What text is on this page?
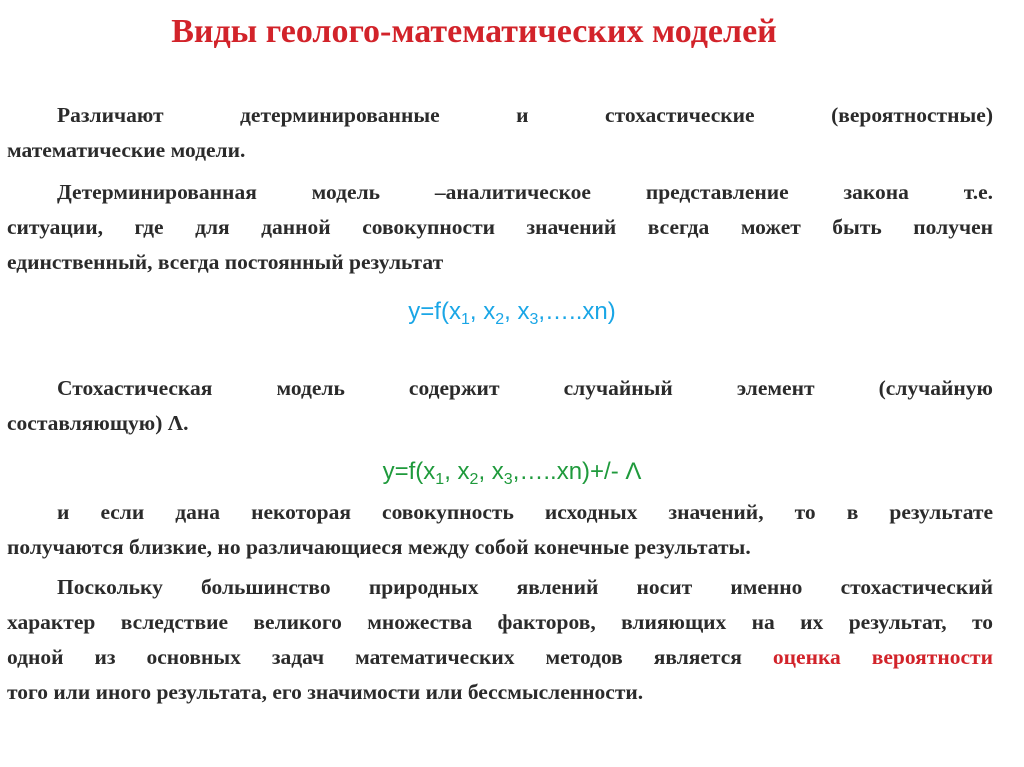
Виды геолого-математических моделей
Различают детерминированные и стохастические (вероятностные)
математические модели.
Детерминированная модель –аналитическое представление закона т.е.
ситуации, где для данной совокупности значений всегда может быть получен
единственный, всегда постоянный результат
$y=f(x_1$, $x_2$, $x_3,\dots..xn$)
Стохастическая модель содержит случайный элемент (случайную
составляющую) Λ.
$y=f(x_1$, $x_2$, $x_3,\dots..xn)+/-$ Λ
и если дана некоторая совокупность исходных значений, то в результате
получаются близкие, но различающиеся между собой конечные результаты.
Поскольку большинство природных явлений носит именно стохастический
характер вследствие великого множества факторов, влияющих на их результат, то
одной из основных задач математических методов является оценка вероятности
того или иного результата, его значимости или бессмысленности.
